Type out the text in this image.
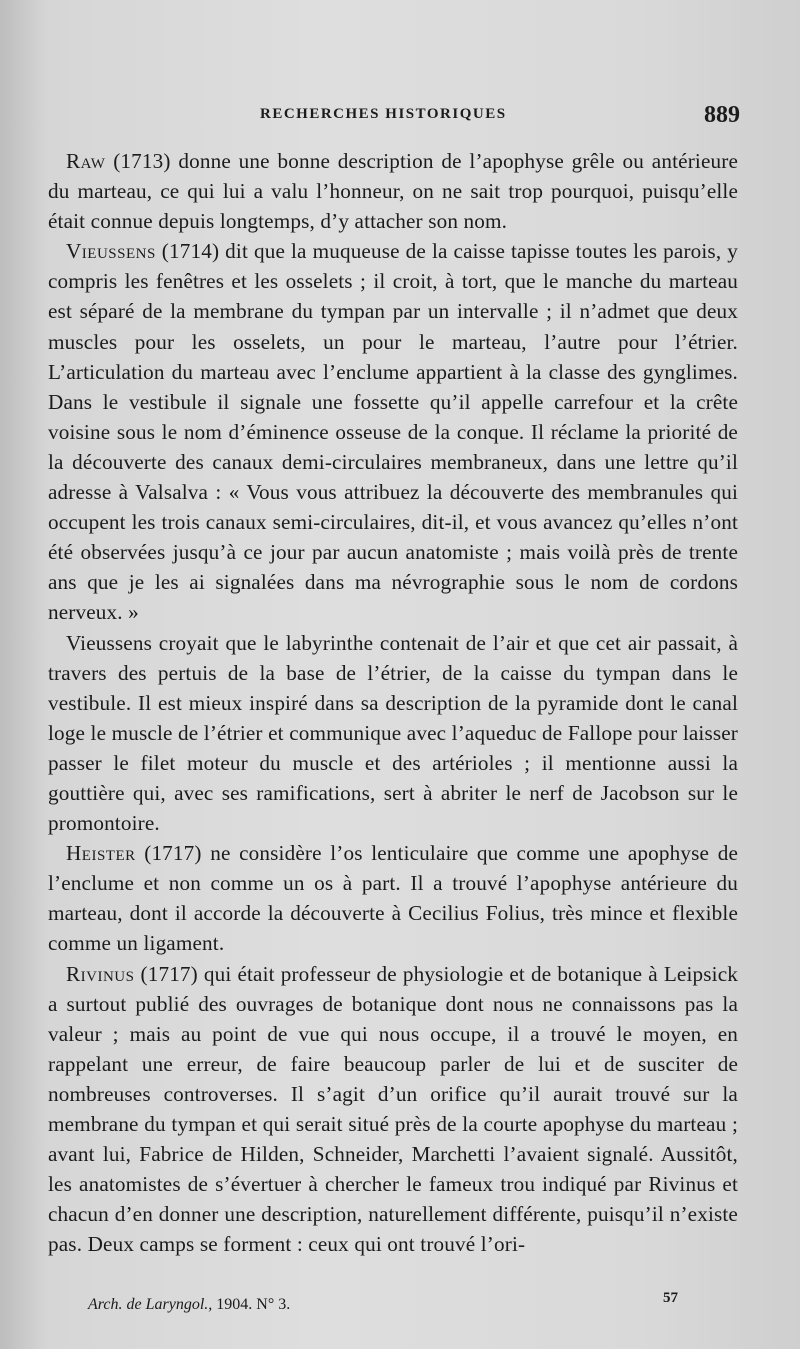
RECHERCHES HISTORIQUES	889

Raw (1713) donne une bonne description de l’apophyse grêle ou antérieure du marteau, ce qui lui a valu l’honneur, on ne sait trop pourquoi, puisqu’elle était connue depuis longtemps, d’y attacher son nom.

Vieussens (1714) dit que la muqueuse de la caisse tapisse toutes les parois, y compris les fenêtres et les osselets ; il croit, à tort, que le manche du marteau est séparé de la membrane du tympan par un intervalle ; il n’admet que deux muscles pour les osselets, un pour le marteau, l’autre pour l’étrier. L’articulation du marteau avec l’enclume appartient à la classe des gynglimes. Dans le vestibule il signale une fossette qu’il appelle carrefour et la crête voisine sous le nom d’éminence osseuse de la conque. Il réclame la priorité de la découverte des canaux demi-circulaires membraneux, dans une lettre qu’il adresse à Valsalva : « Vous vous attribuez la découverte des membranules qui occupent les trois canaux semi-circulaires, dit-il, et vous avancez qu’elles n’ont été observées jusqu’à ce jour par aucun anatomiste ; mais voilà près de trente ans que je les ai signalées dans ma névrographie sous le nom de cordons nerveux. »

Vieussens croyait que le labyrinthe contenait de l’air et que cet air passait, à travers des pertuis de la base de l’étrier, de la caisse du tympan dans le vestibule. Il est mieux inspiré dans sa description de la pyramide dont le canal loge le muscle de l’étrier et communique avec l’aqueduc de Fallope pour laisser passer le filet moteur du muscle et des artérioles ; il mentionne aussi la gouttière qui, avec ses ramifications, sert à abriter le nerf de Jacobson sur le promontoire.

Heister (1717) ne considère l’os lenticulaire que comme une apophyse de l’enclume et non comme un os à part. Il a trouvé l’apophyse antérieure du marteau, dont il accorde la découverte à Cecilius Folius, très mince et flexible comme un ligament.

Rivinus (1717) qui était professeur de physiologie et de botanique à Leipsick a surtout publié des ouvrages de botanique dont nous ne connaissons pas la valeur ; mais au point de vue qui nous occupe, il a trouvé le moyen, en rappelant une erreur, de faire beaucoup parler de lui et de susciter de nombreuses controverses. Il s’agit d’un orifice qu’il aurait trouvé sur la membrane du tympan et qui serait situé près de la courte apophyse du marteau ; avant lui, Fabrice de Hilden, Schneider, Marchetti l’avaient signalé. Aussitôt, les anatomistes de s’évertuer à chercher le fameux trou indiqué par Rivinus et chacun d’en donner une description, naturellement différente, puisqu’il n’existe pas. Deux camps se forment : ceux qui ont trouvé l’ori-

Arch. de Laryngol., 1904. N° 3.	57
